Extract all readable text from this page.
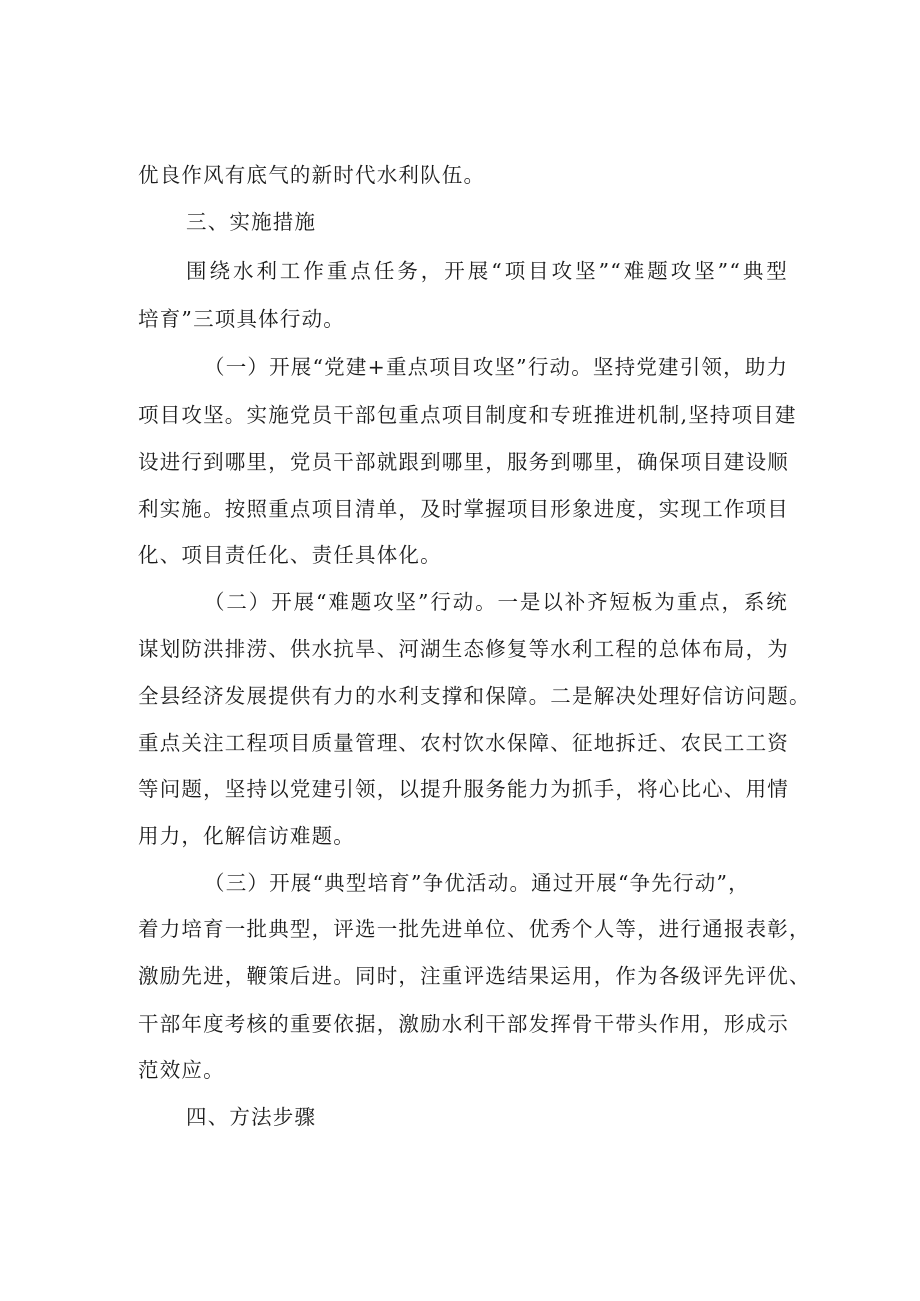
优良作风有底气的新时代水利队伍。
三、实施措施
围绕水利工作重点任务，开展“项目攻坚”“难题攻坚”“典型
培育”三项具体行动。
（一）开展“党建+重点项目攻坚”行动。坚持党建引领，助力
项目攻坚。实施党员干部包重点项目制度和专班推进机制,坚持项目建
设进行到哪里，党员干部就跟到哪里，服务到哪里，确保项目建设顺
利实施。按照重点项目清单，及时掌握项目形象进度，实现工作项目
化、项目责任化、责任具体化。
（二）开展“难题攻坚”行动。一是以补齐短板为重点，系统
谋划防洪排涝、供水抗旱、河湖生态修复等水利工程的总体布局，为
全县经济发展提供有力的水利支撑和保障。二是解决处理好信访问题。
重点关注工程项目质量管理、农村饮水保障、征地拆迁、农民工工资
等问题，坚持以党建引领，以提升服务能力为抓手，将心比心、用情
用力，化解信访难题。
（三）开展“典型培育”争优活动。通过开展“争先行动”，
着力培育一批典型，评选一批先进单位、优秀个人等，进行通报表彰，
激励先进，鞭策后进。同时，注重评选结果运用，作为各级评先评优、
干部年度考核的重要依据，激励水利干部发挥骨干带头作用，形成示
范效应。
四、方法步骤
